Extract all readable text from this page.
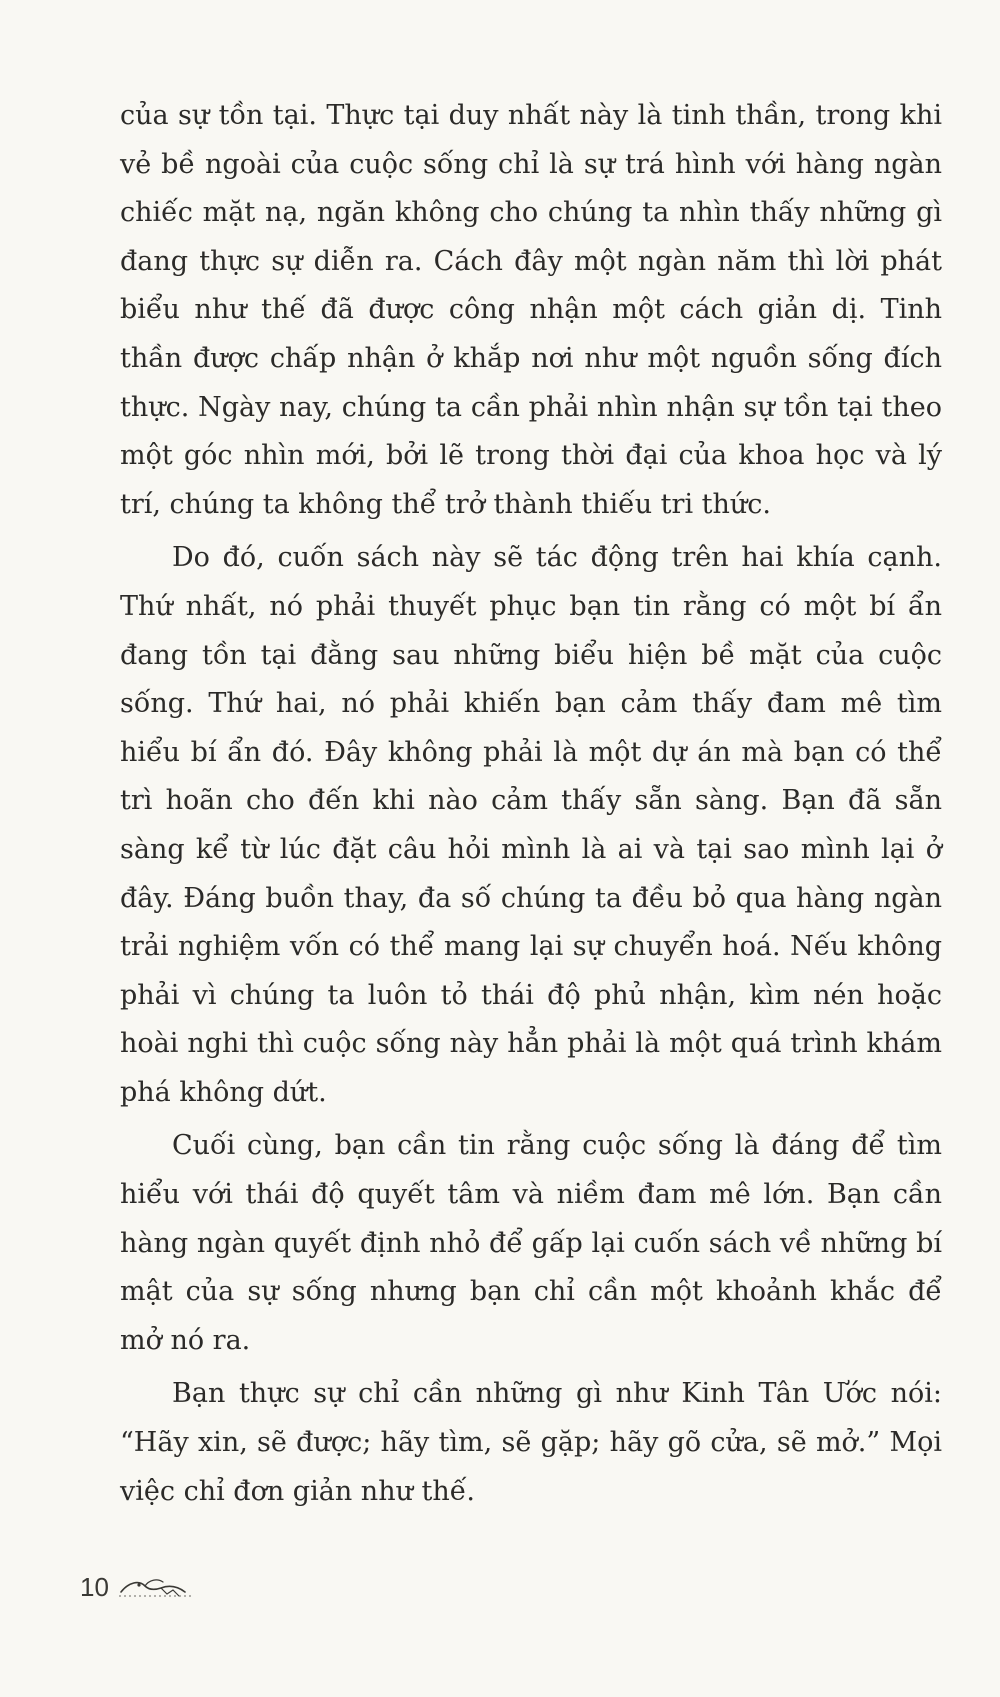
của sự tồn tại. Thực tại duy nhất này là tinh thần, trong khi vẻ bề ngoài của cuộc sống chỉ là sự trá hình với hàng ngàn chiếc mặt nạ, ngăn không cho chúng ta nhìn thấy những gì đang thực sự diễn ra. Cách đây một ngàn năm thì lời phát biểu như thế đã được công nhận một cách giản dị. Tinh thần được chấp nhận ở khắp nơi như một nguồn sống đích thực. Ngày nay, chúng ta cần phải nhìn nhận sự tồn tại theo một góc nhìn mới, bởi lẽ trong thời đại của khoa học và lý trí, chúng ta không thể trở thành thiếu tri thức.

Do đó, cuốn sách này sẽ tác động trên hai khía cạnh. Thứ nhất, nó phải thuyết phục bạn tin rằng có một bí ẩn đang tồn tại đằng sau những biểu hiện bề mặt của cuộc sống. Thứ hai, nó phải khiến bạn cảm thấy đam mê tìm hiểu bí ẩn đó. Đây không phải là một dự án mà bạn có thể trì hoãn cho đến khi nào cảm thấy sẵn sàng. Bạn đã sẵn sàng kể từ lúc đặt câu hỏi mình là ai và tại sao mình lại ở đây. Đáng buồn thay, đa số chúng ta đều bỏ qua hàng ngàn trải nghiệm vốn có thể mang lại sự chuyển hoá. Nếu không phải vì chúng ta luôn tỏ thái độ phủ nhận, kìm nén hoặc hoài nghi thì cuộc sống này hẳn phải là một quá trình khám phá không dứt.

Cuối cùng, bạn cần tin rằng cuộc sống là đáng để tìm hiểu với thái độ quyết tâm và niềm đam mê lớn. Bạn cần hàng ngàn quyết định nhỏ để gấp lại cuốn sách về những bí mật của sự sống nhưng bạn chỉ cần một khoảnh khắc để mở nó ra.

Bạn thực sự chỉ cần những gì như Kinh Tân Ước nói: “Hãy xin, sẽ được; hãy tìm, sẽ gặp; hãy gõ cửa, sẽ mở.” Mọi việc chỉ đơn giản như thế.

10
